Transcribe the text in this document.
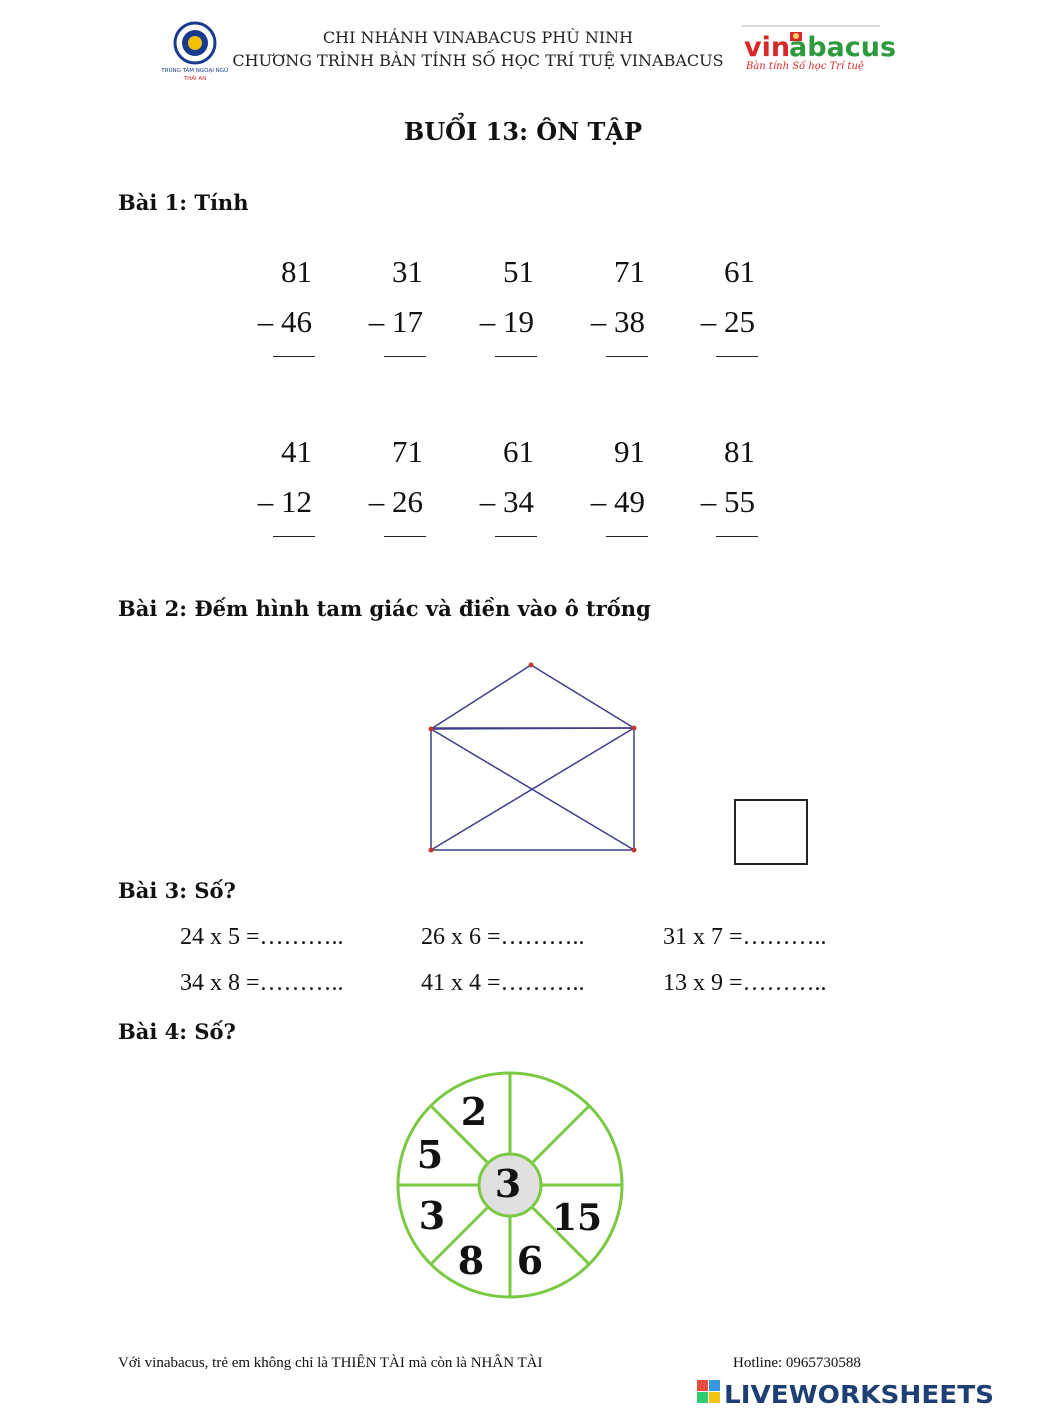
TRUNG TÂM NGOẠI NGỮ
THÁI AN
CHI NHÁNH VINABACUS PHÙ NINH
CHƯƠNG TRÌNH BÀN TÍNH SỐ HỌC TRÍ TUỆ VINABACUS vin
abacus
Bàn tính Số học Trí tuệ
BUỔI 13: ÔN TẬP
Bài 1: Tính
81
– 46
31
– 17
51
– 19
71
– 38
61
– 25
41
– 12
71
– 26
61
– 34
91
– 49
81
– 55
Bài 2: Đếm hình tam giác và điền vào ô trống
Bài 3: Số?
24 x 5 =………..	26 x 6 =………..	31 x 7 =………..
34 x 8 =………..	41 x 4 =………..	13 x 9 =………..
Bài 4: Số?
3
2
15
6
8
3
5
Với vinabacus, trẻ em không chỉ là THIÊN TÀI mà còn là NHÂN TÀI	Hotline: 0965730588
LIVEWORKSHEETS
